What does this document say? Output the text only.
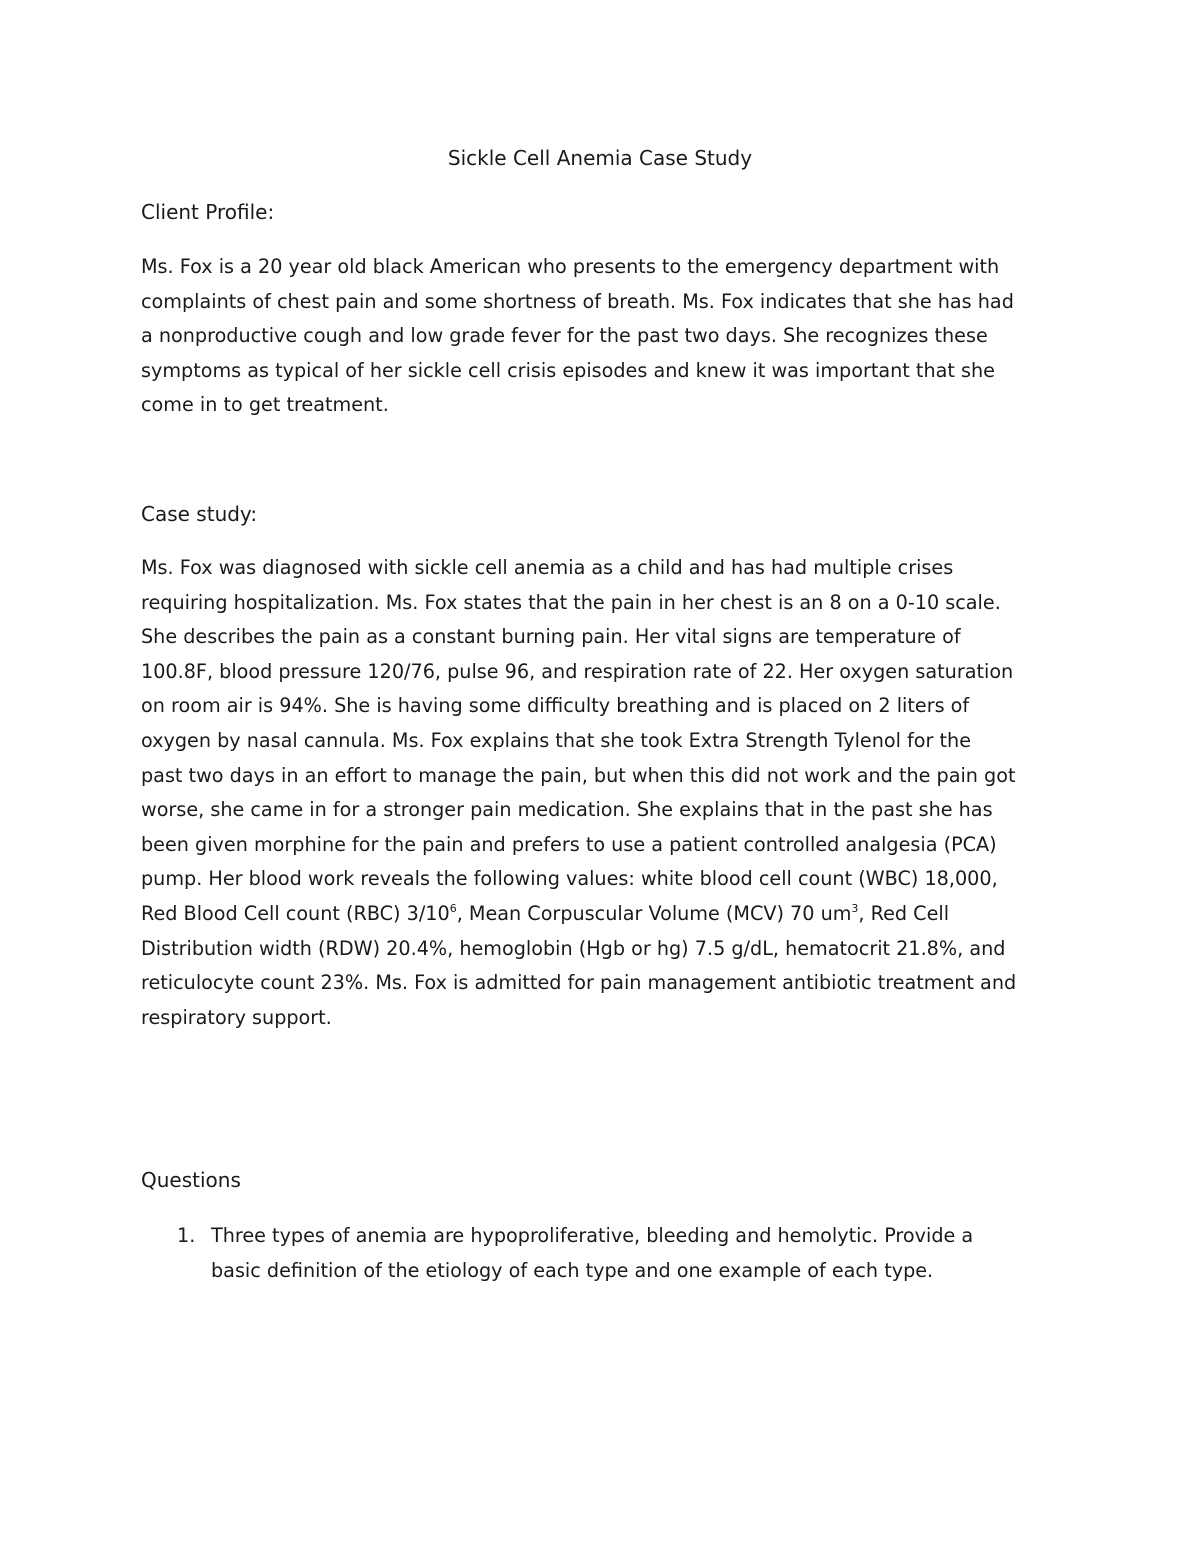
Sickle Cell Anemia Case Study
Client Profile:

Ms. Fox is a 20 year old black American who presents to the emergency department with
complaints of chest pain and some shortness of breath. Ms. Fox indicates that she has had
a nonproductive cough and low grade fever for the past two days. She recognizes these
symptoms as typical of her sickle cell crisis episodes and knew it was important that she
come in to get treatment.

Case study:

Ms. Fox was diagnosed with sickle cell anemia as a child and has had multiple crises
requiring hospitalization. Ms. Fox states that the pain in her chest is an 8 on a 0-10 scale.
She describes the pain as a constant burning pain. Her vital signs are temperature of
100.8F, blood pressure 120/76, pulse 96, and respiration rate of 22. Her oxygen saturation
on room air is 94%. She is having some difficulty breathing and is placed on 2 liters of
oxygen by nasal cannula. Ms. Fox explains that she took Extra Strength Tylenol for the
past two days in an effort to manage the pain, but when this did not work and the pain got
worse, she came in for a stronger pain medication. She explains that in the past she has
been given morphine for the pain and prefers to use a patient controlled analgesia (PCA)
pump. Her blood work reveals the following values: white blood cell count (WBC) 18,000,
Red Blood Cell count (RBC) $3/10^6$, Mean Corpuscular Volume (MCV) 70 $um^3$, Red Cell
Distribution width (RDW) 20.4%, hemoglobin (Hgb or hg) 7.5 g/dL, hematocrit 21.8%, and
reticulocyte count 23%. Ms. Fox is admitted for pain management antibiotic treatment and
respiratory support.

Questions
1. Three types of anemia are hypoproliferative, bleeding and hemolytic. Provide a
basic definition of the etiology of each type and one example of each type.
